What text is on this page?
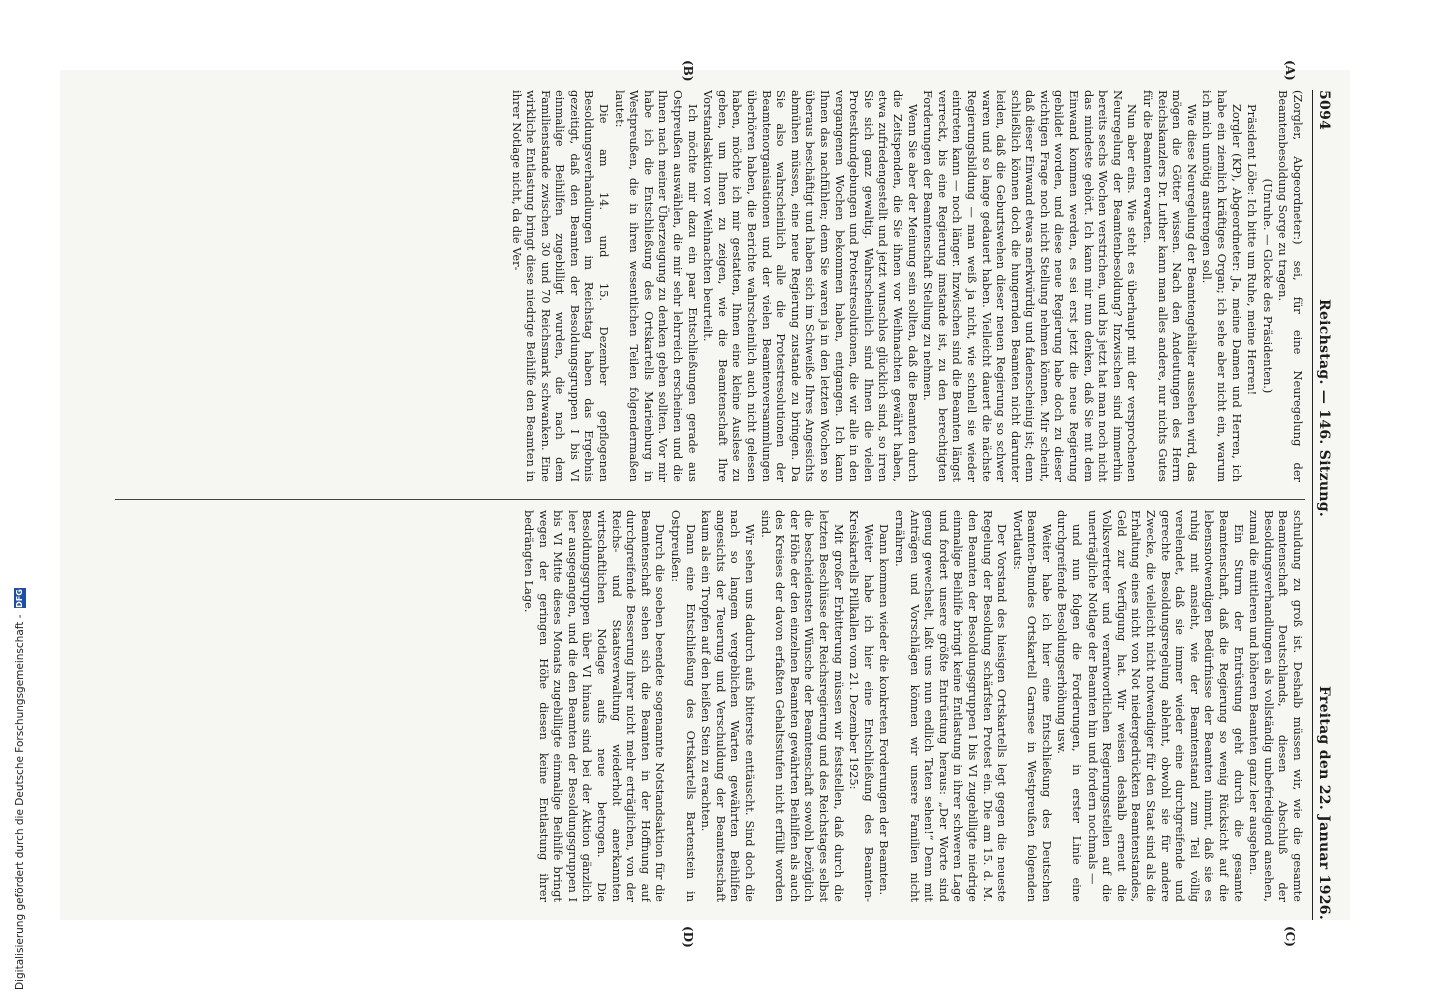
5094
Reichstag. — 146. Sitzung.
Freitag den 22. Januar 1926.

(Zorgler, Abgeordneter:) sei, für eine Neuregelung der Beamtenbesoldung Sorge zu tragen.

(Unruhe. — Glocke des Präsidenten.)

Präsident Löbe: Ich bitte um Ruhe, meine Herren!

Zorgler (KP), Abgeordneter: Ja, meine Damen und Herren, ich habe ein ziemlich kräftiges Organ; ich sehe aber nicht ein, warum ich mich unnötig anstrengen soll.

Wie diese Neuregelung der Beamtengehälter aussehen wird, das mögen die Götter wissen. Nach den Andeutungen des Herrn Reichskanzlers Dr. Luther kann man alles andere, nur nichts Gutes für die Beamten erwarten.

Nun aber eins. Wie steht es überhaupt mit der versprochenen Neuregelung der Beamtenbesoldung? Inzwischen sind immerhin bereits sechs Wochen verstrichen, und bis jetzt hat man noch nicht das mindeste gehört. Ich kann mir nun denken, daß Sie mit dem Einwand kommen werden, es sei erst jetzt die neue Regierung gebildet worden, und diese neue Regierung habe doch zu dieser wichtigen Frage noch nicht Stellung nehmen können. Mir scheint, daß dieser Einwand etwas merkwürdig und fadenscheinig ist; denn schließlich können doch die hungernden Beamten nicht darunter leiden, daß die Geburtswehen dieser neuen Regierung so schwer waren und so lange gedauert haben. Vielleicht dauert die nächste Regierungsbildung — man weiß ja nicht, wie schnell sie wieder eintreten kann — noch länger. Inzwischen sind die Beamten längst verreckt, bis eine Regierung imstande ist, zu den berechtigten Forderungen der Beamtenschaft Stellung zu nehmen.

Wenn Sie aber der Meinung sein sollten, daß die Beamten durch die Zeitspenden, die Sie ihnen vor Weihnachten gewährt haben, etwa zufriedengestellt und jetzt wunschlos glücklich sind, so irren Sie sich ganz gewaltig. Wahrscheinlich sind Ihnen die vielen Protestkundgebungen und Protestresolutionen, die wir alle in den vergangenen Wochen bekommen haben, entgangen. Ich kann Ihnen das nachfühlen; denn Sie waren ja in den letzten Wochen so überaus beschäftigt und haben sich im Schweiße Ihres Angesichts abmühen müssen, eine neue Regierung zustande zu bringen. Da Sie also wahrscheinlich alle die Protestresolutionen der Beamtenorganisationen und der vielen Beamtenversammlungen überhören haben, die Berichte wahrscheinlich auch nicht gelesen haben, möchte ich mir gestatten, Ihnen eine kleine Auslese zu geben, um Ihnen zu zeigen, wie die Beamtenschaft Ihre Vorstandsaktion vor Weihnachten beurteilt.

Ich möchte mir dazu ein paar Entschließungen gerade aus Ostpreußen auswählen, die mir sehr lehrreich erscheinen und die Ihnen nach meiner Überzeugung zu denken geben sollten. Vor mir habe ich die Entschließung des Ortskartells Marienburg in Westpreußen, die in ihren wesentlichen Teilen folgendermaßen lautet:

Die am 14. und 15. Dezember gepflogenen Besoldungsverhandlungen im Reichstag haben das Ergebnis gezeitigt, daß den Beamten der Besoldungsgruppen I bis VI einmalige Beihilfen zugebilligt wurden, die nach dem Familienstande zwischen 30 und 70 Reichsmark schwanken. Eine wirkliche Entlastung bringt diese niedrige Beihilfe den Beamten in ihrer Notlage nicht, da die Ver-

schuldung zu groß ist. Deshalb müssen wir, wie die gesamte Beamtenschaft Deutschlands, diesen Abschluß der Besoldungsverhandlungen als vollständig unbefriedigend ansehen, zumal die mittleren und höheren Beamten ganz leer ausgehen.

Ein Sturm der Entrüstung geht durch die gesamte Beamtenschaft, daß die Regierung so wenig Rücksicht auf die lebensnotwendigen Bedürfnisse der Beamten nimmt, daß sie es ruhig mit ansieht, wie der Beamtenstand zum Teil völlig verelendet, daß sie immer wieder eine durchgreifende und gerechte Besoldungsregelung ablehnt, obwohl sie für andere Zwecke, die vielleicht nicht notwendiger für den Staat sind als die Erhaltung eines nicht von Not niedergedrückten Beamtenstandes, Geld zur Verfügung hat. Wir weisen deshalb erneut die Volksvertreter und verantwortlichen Regierungsstellen auf die unerträgliche Notlage der Beamten hin und fordern nochmals —

und nun folgen die Forderungen, in erster Linie eine durchgreifende Besoldungserhöhung usw.

Weiter habe ich hier eine Entschließung des Deutschen Beamten-Bundes Ortskartell Garnsee in Westpreußen folgenden Wortlauts:

Der Vorstand des hiesigen Ortskartells legt gegen die neueste Regelung der Besoldung schärfsten Protest ein. Die am 15. d. M. den Beamten der Besoldungsgruppen I bis VI zugebilligte niedrige einmalige Beihilfe bringt keine Entlastung in ihrer schweren Lage und fordert unsere größte Entrüstung heraus: „Der Worte sind genug gewechselt, laßt uns nun endlich Taten sehen!“ Denn mit Anträgen und Vorschlägen können wir unsere Familien nicht ernähren.

Dann kommen wieder die konkreten Forderungen der Beamten.

Weiter habe ich hier eine Entschließung des Beamten-Kreiskartells Pillkallen vom 21. Dezember 1925:

Mit großer Erbitterung müssen wir feststellen, daß durch die letzten Beschlüsse der Reichsregierung und des Reichstages selbst die bescheidensten Wünsche der Beamtenschaft sowohl bezüglich der Höhe der den einzelnen Beamten gewährten Beihilfen als auch des Kreises der davon erfaßten Gehaltsstufen nicht erfüllt worden sind.

Wir sehen uns dadurch aufs bitterste enttäuscht. Sind doch die nach so langem vergeblichen Warten gewährten Beihilfen angesichts der Teuerung und Verschuldung der Beamtenschaft kaum als ein Tropfen auf den heißen Stein zu erachten.

Dann eine Entschließung des Ortskartells Bartenstein in Ostpreußen:

Durch die soeben beendete sogenannte Notstandsaktion für die Beamtenschaft sehen sich die Beamten in der Hoffnung auf durchgreifende Besserung ihrer nicht mehr erträglichen, von der Reichs- und Staatsverwaltung wiederholt anerkannten wirtschaftlichen Notlage aufs neue betrogen. Die Besoldungsgruppen über VI hinaus sind bei der Aktion gänzlich leer ausgegangen, und die den Beamten der Besoldungsgruppen I bis VI Mitte dieses Monats zugebilligte einmalige Beihilfe bringt wegen der geringen Höhe diesen keine Entlastung ihrer bedrängten Lage.

(A)
(B)
(C)
(D)
Digitalisierung gefördert durch die Deutsche Forschungsgemeinschaft -
DFG
